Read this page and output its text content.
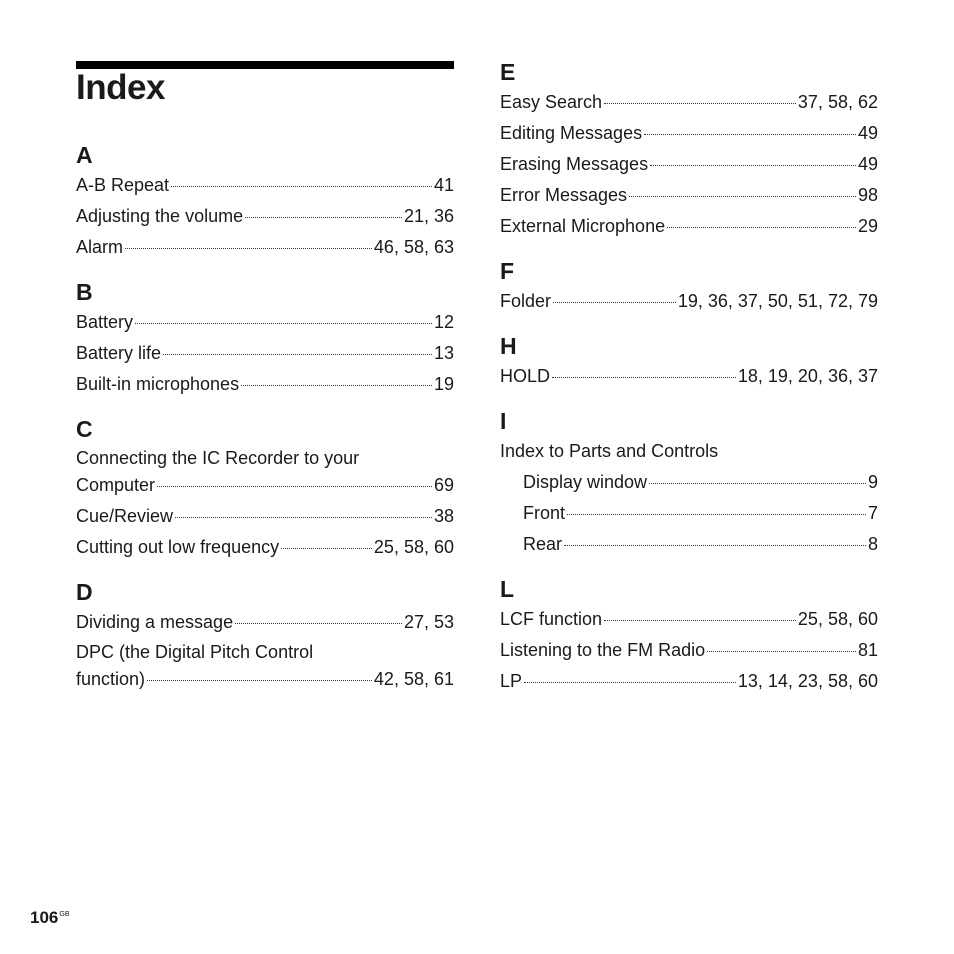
Index
A
A-B Repeat	41
Adjusting the volume	21, 36
Alarm	46, 58, 63
B
Battery	12
Battery life	13
Built-in microphones	19
C
Connecting the IC Recorder to your
Computer	69
Cue/Review	38
Cutting out low frequency	25, 58, 60
D
Dividing a message	27, 53
DPC (the Digital Pitch Control
function)	42, 58, 61
E
Easy Search	37, 58, 62
Editing Messages	49
Erasing Messages	49
Error Messages	98
External Microphone	29
F
Folder	19, 36, 37, 50, 51, 72, 79
H
HOLD	18, 19, 20, 36, 37
I
Index to Parts and Controls
Display window	9
Front	7
Rear	8
L
LCF function	25, 58, 60
Listening to the FM Radio	81
LP	13, 14, 23, 58, 60
$106^{GB}$
